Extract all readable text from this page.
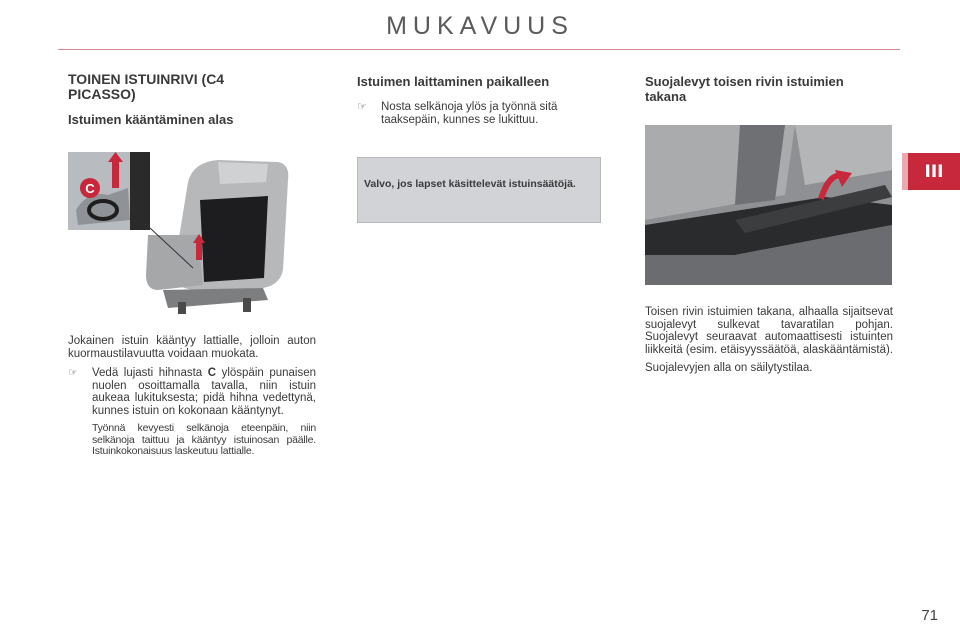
MUKAVUUS
III
TOINEN ISTUINRIVI (C4 PICASSO)
Istuimen kääntäminen alas
C

Jokainen istuin kääntyy lattialle, jolloin auton kuormaustilavuutta voidaan muokata.

☞	Vedä lujasti hihnasta C ylöspäin punaisen nuolen osoittamalla tavalla, niin istuin aukeaa lukituksesta; pidä hihna vedettynä, kunnes istuin on kokonaan kääntynyt.
Työnnä kevyesti selkänoja eteenpäin, niin selkänoja taittuu ja kääntyy istuinosan päälle. Istuinkokonaisuus laskeutuu lattialle.
Istuimen laittaminen paikalleen
☞	Nosta selkänoja ylös ja työnnä sitä taaksepäin, kunnes se lukittuu.
Valvo, jos lapset käsittelevät istuinsäätöjä.
Suojalevyt toisen rivin istuimien takana

Toisen rivin istuimien takana, alhaalla sijaitsevat suojalevyt sulkevat tavaratilan pohjan. Suojalevyt seuraavat automaattisesti istuinten liikkeitä (esim. etäisyyssäätöä, alaskääntämistä).

Suojalevyjen alla on säilytystilaa.

71
